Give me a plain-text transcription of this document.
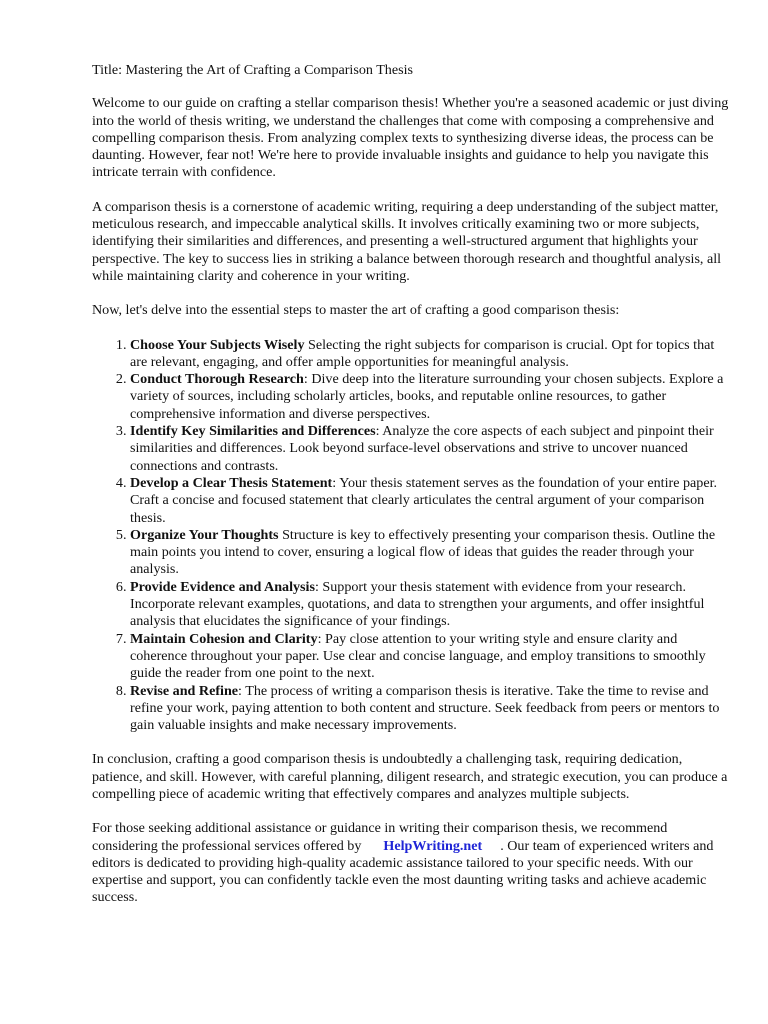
Title: Mastering the Art of Crafting a Comparison Thesis

Welcome to our guide on crafting a stellar comparison thesis! Whether you're a seasoned academic or just diving into the world of thesis writing, we understand the challenges that come with composing a comprehensive and compelling comparison thesis. From analyzing complex texts to synthesizing diverse ideas, the process can be daunting. However, fear not! We're here to provide invaluable insights and guidance to help you navigate this intricate terrain with confidence.

A comparison thesis is a cornerstone of academic writing, requiring a deep understanding of the subject matter, meticulous research, and impeccable analytical skills. It involves critically examining two or more subjects, identifying their similarities and differences, and presenting a well-structured argument that highlights your perspective. The key to success lies in striking a balance between thorough research and thoughtful analysis, all while maintaining clarity and coherence in your writing.

Now, let's delve into the essential steps to master the art of crafting a good comparison thesis:

1. Choose Your Subjects Wisely Selecting the right subjects for comparison is crucial. Opt for topics that are relevant, engaging, and offer ample opportunities for meaningful analysis.
2. Conduct Thorough Research: Dive deep into the literature surrounding your chosen subjects. Explore a variety of sources, including scholarly articles, books, and reputable online resources, to gather comprehensive information and diverse perspectives.
3. Identify Key Similarities and Differences: Analyze the core aspects of each subject and pinpoint their similarities and differences. Look beyond surface-level observations and strive to uncover nuanced connections and contrasts.
4. Develop a Clear Thesis Statement: Your thesis statement serves as the foundation of your entire paper. Craft a concise and focused statement that clearly articulates the central argument of your comparison thesis.
5. Organize Your Thoughts Structure is key to effectively presenting your comparison thesis. Outline the main points you intend to cover, ensuring a logical flow of ideas that guides the reader through your analysis.
6. Provide Evidence and Analysis: Support your thesis statement with evidence from your research. Incorporate relevant examples, quotations, and data to strengthen your arguments, and offer insightful analysis that elucidates the significance of your findings.
7. Maintain Cohesion and Clarity: Pay close attention to your writing style and ensure clarity and coherence throughout your paper. Use clear and concise language, and employ transitions to smoothly guide the reader from one point to the next.
8. Revise and Refine: The process of writing a comparison thesis is iterative. Take the time to revise and refine your work, paying attention to both content and structure. Seek feedback from peers or mentors to gain valuable insights and make necessary improvements.

In conclusion, crafting a good comparison thesis is undoubtedly a challenging task, requiring dedication, patience, and skill. However, with careful planning, diligent research, and strategic execution, you can produce a compelling piece of academic writing that effectively compares and analyzes multiple subjects.

For those seeking additional assistance or guidance in writing their comparison thesis, we recommend considering the professional services offered by HelpWriting.net . Our team of experienced writers and editors is dedicated to providing high-quality academic assistance tailored to your specific needs. With our expertise and support, you can confidently tackle even the most daunting writing tasks and achieve academic success.
